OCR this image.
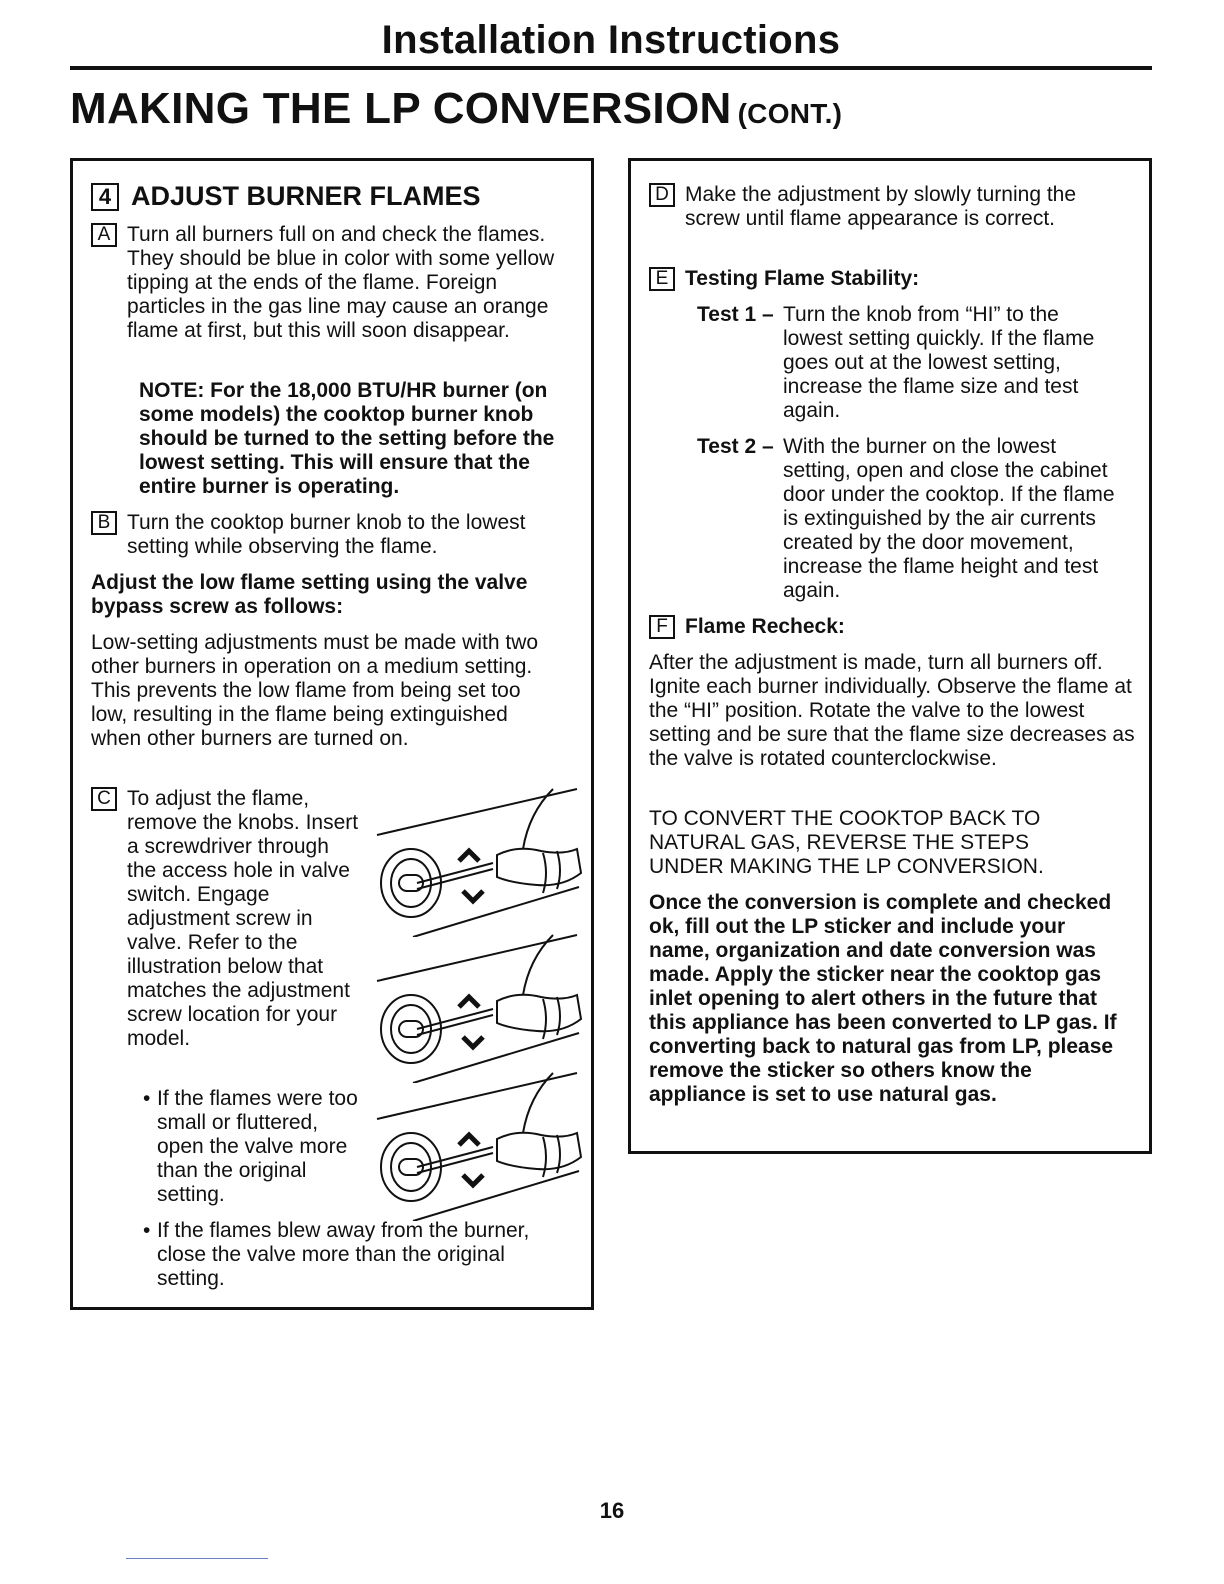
Installation Instructions
MAKING THE LP CONVERSION (CONT.)
4 ADJUST BURNER FLAMES
A Turn all burners full on and check the flames. They should be blue in color with some yellow tipping at the ends of the flame. Foreign particles in the gas line may cause an orange flame at first, but this will soon disappear.
NOTE: For the 18,000 BTU/HR burner (on some models) the cooktop burner knob should be turned to the setting before the lowest setting. This will ensure that the entire burner is operating.
B Turn the cooktop burner knob to the lowest setting while observing the flame.
Adjust the low flame setting using the valve bypass screw as follows:
Low-setting adjustments must be made with two other burners in operation on a medium setting. This prevents the low flame from being set too low, resulting in the flame being extinguished when other burners are turned on.
C To adjust the flame, remove the knobs. Insert a screwdriver through the access hole in valve switch. Engage adjustment screw in valve. Refer to the illustration below that matches the adjustment screw location for your model.
• If the flames were too small or fluttered, open the valve more than the original setting.
• If the flames blew away from the burner, close the valve more than the original setting.
D Make the adjustment by slowly turning the screw until flame appearance is correct.
E Testing Flame Stability:
Test 1 – Turn the knob from “HI” to the lowest setting quickly. If the flame goes out at the lowest setting, increase the flame size and test again.
Test 2 – With the burner on the lowest setting, open and close the cabinet door under the cooktop. If the flame is extinguished by the air currents created by the door movement, increase the flame height and test again.
F Flame Recheck:
After the adjustment is made, turn all burners off. Ignite each burner individually. Observe the flame at the “HI” position. Rotate the valve to the lowest setting and be sure that the flame size decreases as the valve is rotated counterclockwise.
TO CONVERT THE COOKTOP BACK TO NATURAL GAS, REVERSE THE STEPS UNDER MAKING THE LP CONVERSION.
Once the conversion is complete and checked ok, fill out the LP sticker and include your name, organization and date conversion was made. Apply the sticker near the cooktop gas inlet opening to alert others in the future that this appliance has been converted to LP gas. If converting back to natural gas from LP, please remove the sticker so others know the appliance is set to use natural gas.
16
